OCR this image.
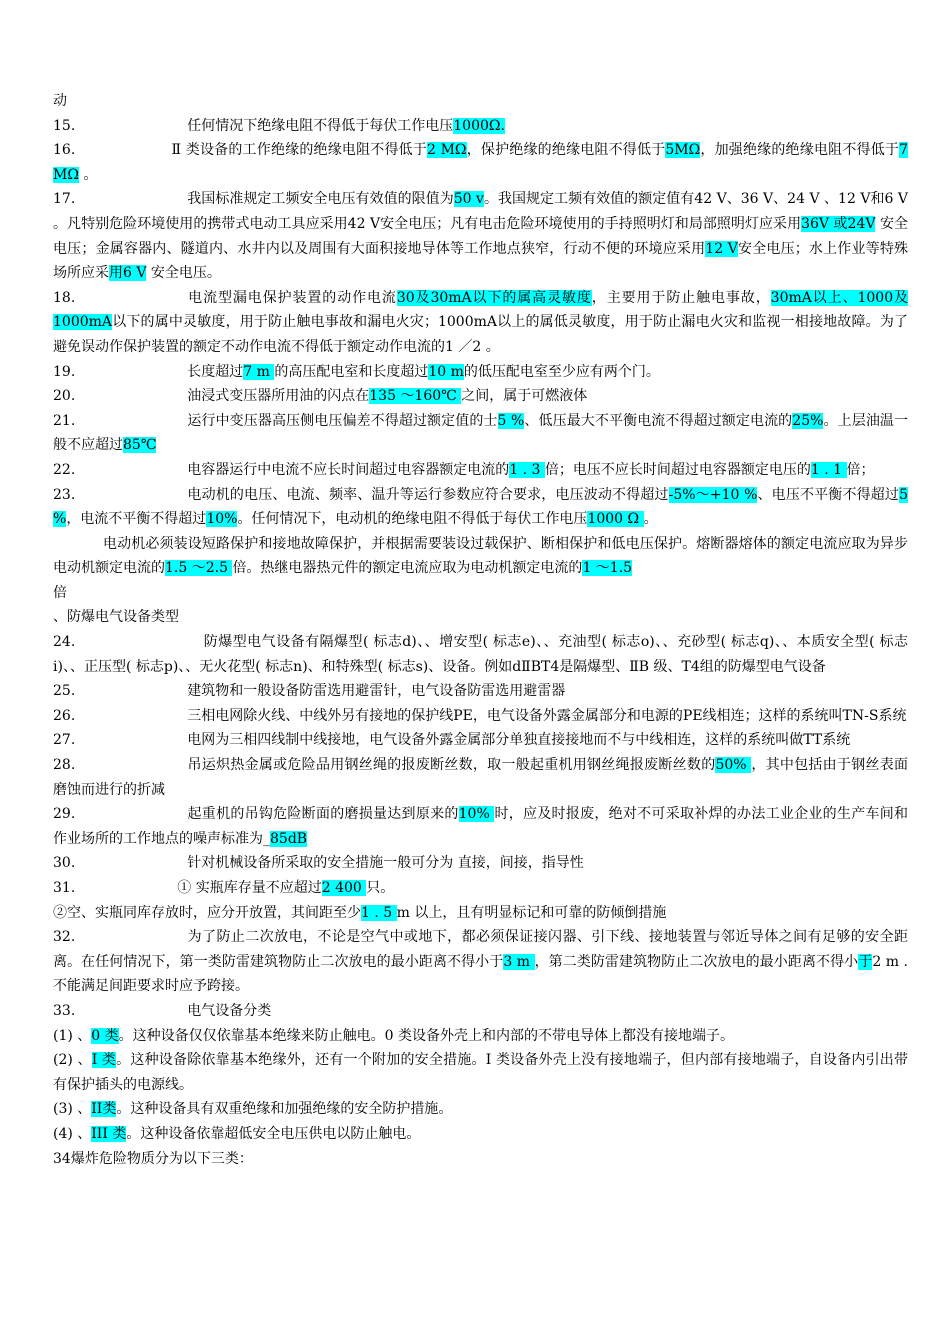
动

15.	任何情况下绝缘电阻不得低于每伏工作电压1000Ω.

16.	Ⅱ 类设备的工作绝缘的绝缘电阻不得低于2 MΩ，保护绝缘的绝缘电阻不得低于5MΩ，加强绝缘的绝缘电阻不得低于7 MΩ 。

17.	我国标准规定工频安全电压有效值的限值为50 v。我国规定工频有效值的额定值有42 V、36 V、24 V 、12 V和6 V 。凡特别危险环境使用的携带式电动工具应采用42 V安全电压；凡有电击危险环境使用的手持照明灯和局部照明灯应采用36V 或24V 安全电压；金属容器内、隧道内、水井内以及周围有大面积接地导体等工作地点狭窄，行动不便的环境应采用12 V安全电压；水上作业等特殊场所应采用6 V 安全电压。

18.	电流型漏电保护装置的动作电流30及30mA以下的属高灵敏度，主要用于防止触电事故，30mA以上、1000及1000mA以下的属中灵敏度，用于防止触电事故和漏电火灾；1000mA以上的属低灵敏度，用于防止漏电火灾和监视一相接地故障。为了避免误动作保护装置的额定不动作电流不得低于额定动作电流的1 ／2 。

19.	长度超过7 m 的高压配电室和长度超过10 m的低压配电室至少应有两个门。

20.	油浸式变压器所用油的闪点在135 ～160℃ 之间，属于可燃液体

21.	运行中变压器高压侧电压偏差不得超过额定值的士5 %、低压最大不平衡电流不得超过额定电流的25%。上层油温一般不应超过85℃

22.	电容器运行中电流不应长时间超过电容器额定电流的1 . 3 倍；电压不应长时间超过电容器额定电压的1 . 1 倍；

23.	电动机的电压、电流、频率、温升等运行参数应符合要求，电压波动不得超过-5%～+10 %、电压不平衡不得超过5 %，电流不平衡不得超过10%。任何情况下，电动机的绝缘电阻不得低于每伏工作电压1000 Ω 。

电动机必须装设短路保护和接地故障保护，并根据需要装设过载保护、断相保护和低电压保护。熔断器熔体的额定电流应取为异步电动机额定电流的1.5 ～2.5 倍。热继电器热元件的额定电流应取为电动机额定电流的1 ～1.5

倍

、防爆电气设备类型

24.	防爆型电气设备有隔爆型( 标志d)、、增安型( 标志e)、、充油型( 标志o)、、充砂型( 标志q)、、本质安全型( 标志i)、、正压型( 标志p)、、无火花型( 标志n)、和特殊型( 标志s)、设备。例如dⅡBT4是隔爆型、ⅡB 级、T4组的防爆型电气设备

25.	建筑物和一般设备防雷选用避雷针，电气设备防雷选用避雷器

26.	三相电网除火线、中线外另有接地的保护线PE，电气设备外露金属部分和电源的PE线相连；这样的系统叫TN-S系统

27.	电网为三相四线制中线接地，电气设备外露金属部分单独直接接地而不与中线相连，这样的系统叫做TT系统

28.	吊运炽热金属或危险品用钢丝绳的报废断丝数，取一般起重机用钢丝绳报废断丝数的50% ，其中包括由于钢丝表面磨蚀而进行的折减

29.	起重机的吊钩危险断面的磨损量达到原来的10% 时，应及时报废，绝对不可采取补焊的办法工业企业的生产车间和作业场所的工作地点的噪声标准为_85dB

30.	针对机械设备所采取的安全措施一般可分为 直接，间接，指导性

31.	① 实瓶库存量不应超过2 400 只。

②空、实瓶同库存放时，应分开放置，其间距至少1 . 5 m 以上，且有明显标记和可靠的防倾倒措施

32.	为了防止二次放电，不论是空气中或地下，都必须保证接闪器、引下线、接地装置与邻近导体之间有足够的安全距离。在任何情况下，第一类防雷建筑物防止二次放电的最小距离不得小于3 m ，第二类防雷建筑物防止二次放电的最小距离不得小于2 m . 不能满足间距要求时应予跨接。

33.	电气设备分类

(1) 、0 类。这种设备仅仅依靠基本绝缘来防止触电。0 类设备外壳上和内部的不带电导体上都没有接地端子。

(2) 、I 类。这种设备除依靠基本绝缘外，还有一个附加的安全措施。I 类设备外壳上没有接地端子，但内部有接地端子，自设备内引出带有保护插头的电源线。

(3) 、II类。这种设备具有双重绝缘和加强绝缘的安全防护措施。

(4) 、III 类。这种设备依靠超低安全电压供电以防止触电。

34爆炸危险物质分为以下三类：
